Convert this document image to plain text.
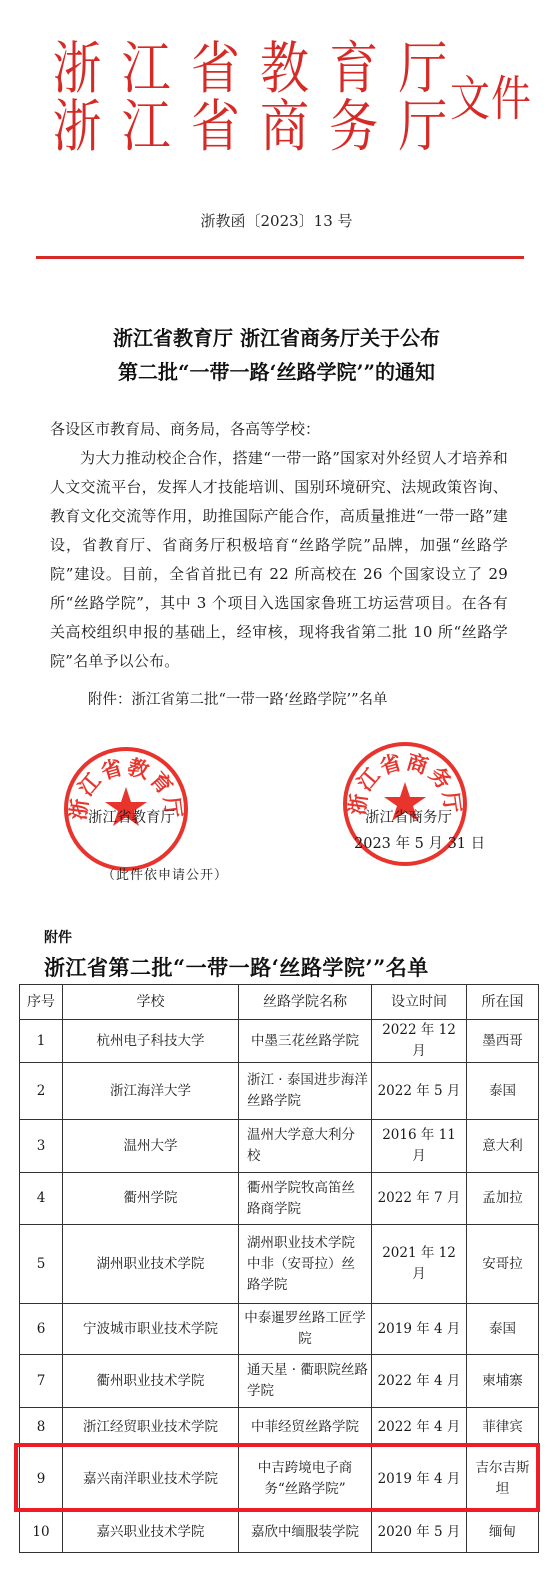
浙 江 省 教 育 厅
浙 江 省 商 务 厅 文件
浙教函〔2023〕13 号
浙江省教育厅 浙江省商务厅关于公布
第二批“一带一路‘丝路学院’”的通知
各设区市教育局、商务局，各高等学校：
为大力推动校企合作，搭建“一带一路”国家对外经贸人才培养和人文交流平台，发挥人才技能培训、国别环境研究、法规政策咨询、教育文化交流等作用，助推国际产能合作，高质量推进“一带一路”建设，省教育厅、省商务厅积极培育“丝路学院”品牌，加强“丝路学院”建设。目前，全省首批已有 22 所高校在 26 个国家设立了 29 所“丝路学院”，其中 3 个项目入选国家鲁班工坊运营项目。在各有关高校组织申报的基础上，经审核，现将我省第二批 10 所“丝路学院”名单予以公布。
附件：浙江省第二批“一带一路‘丝路学院’”名单
浙江省教育厅	浙江省商务厅
浙江省教育厅	浙江省商务厅
2023 年 5 月 31 日
（此件依申请公开）
附件
浙江省第二批“一带一路‘丝路学院’”名单
序号	学校	丝路学院名称	设立时间	所在国
1	杭州电子科技大学	中墨三花丝路学院	2022 年 12 月	墨西哥
2	浙江海洋大学	浙江 · 泰国进步海洋丝路学院	2022 年 5 月	泰国
3	温州大学	温州大学意大利分校	2016 年 11 月	意大利
4	衢州学院	衢州学院牧高笛丝路商学院	2022 年 7 月	孟加拉
5	湖州职业技术学院	湖州职业技术学院中非（安哥拉）丝路学院	2021 年 12 月	安哥拉
6	宁波城市职业技术学院	中泰暹罗丝路工匠学院	2019 年 4 月	泰国
7	衢州职业技术学院	通天星 · 衢职院丝路学院	2022 年 4 月	柬埔寨
8	浙江经贸职业技术学院	中菲经贸丝路学院	2022 年 4 月	菲律宾
9	嘉兴南洋职业技术学院	中吉跨境电子商务“丝路学院”	2019 年 4 月	吉尔吉斯坦
10	嘉兴职业技术学院	嘉欣中缅服装学院	2020 年 5 月	缅甸
